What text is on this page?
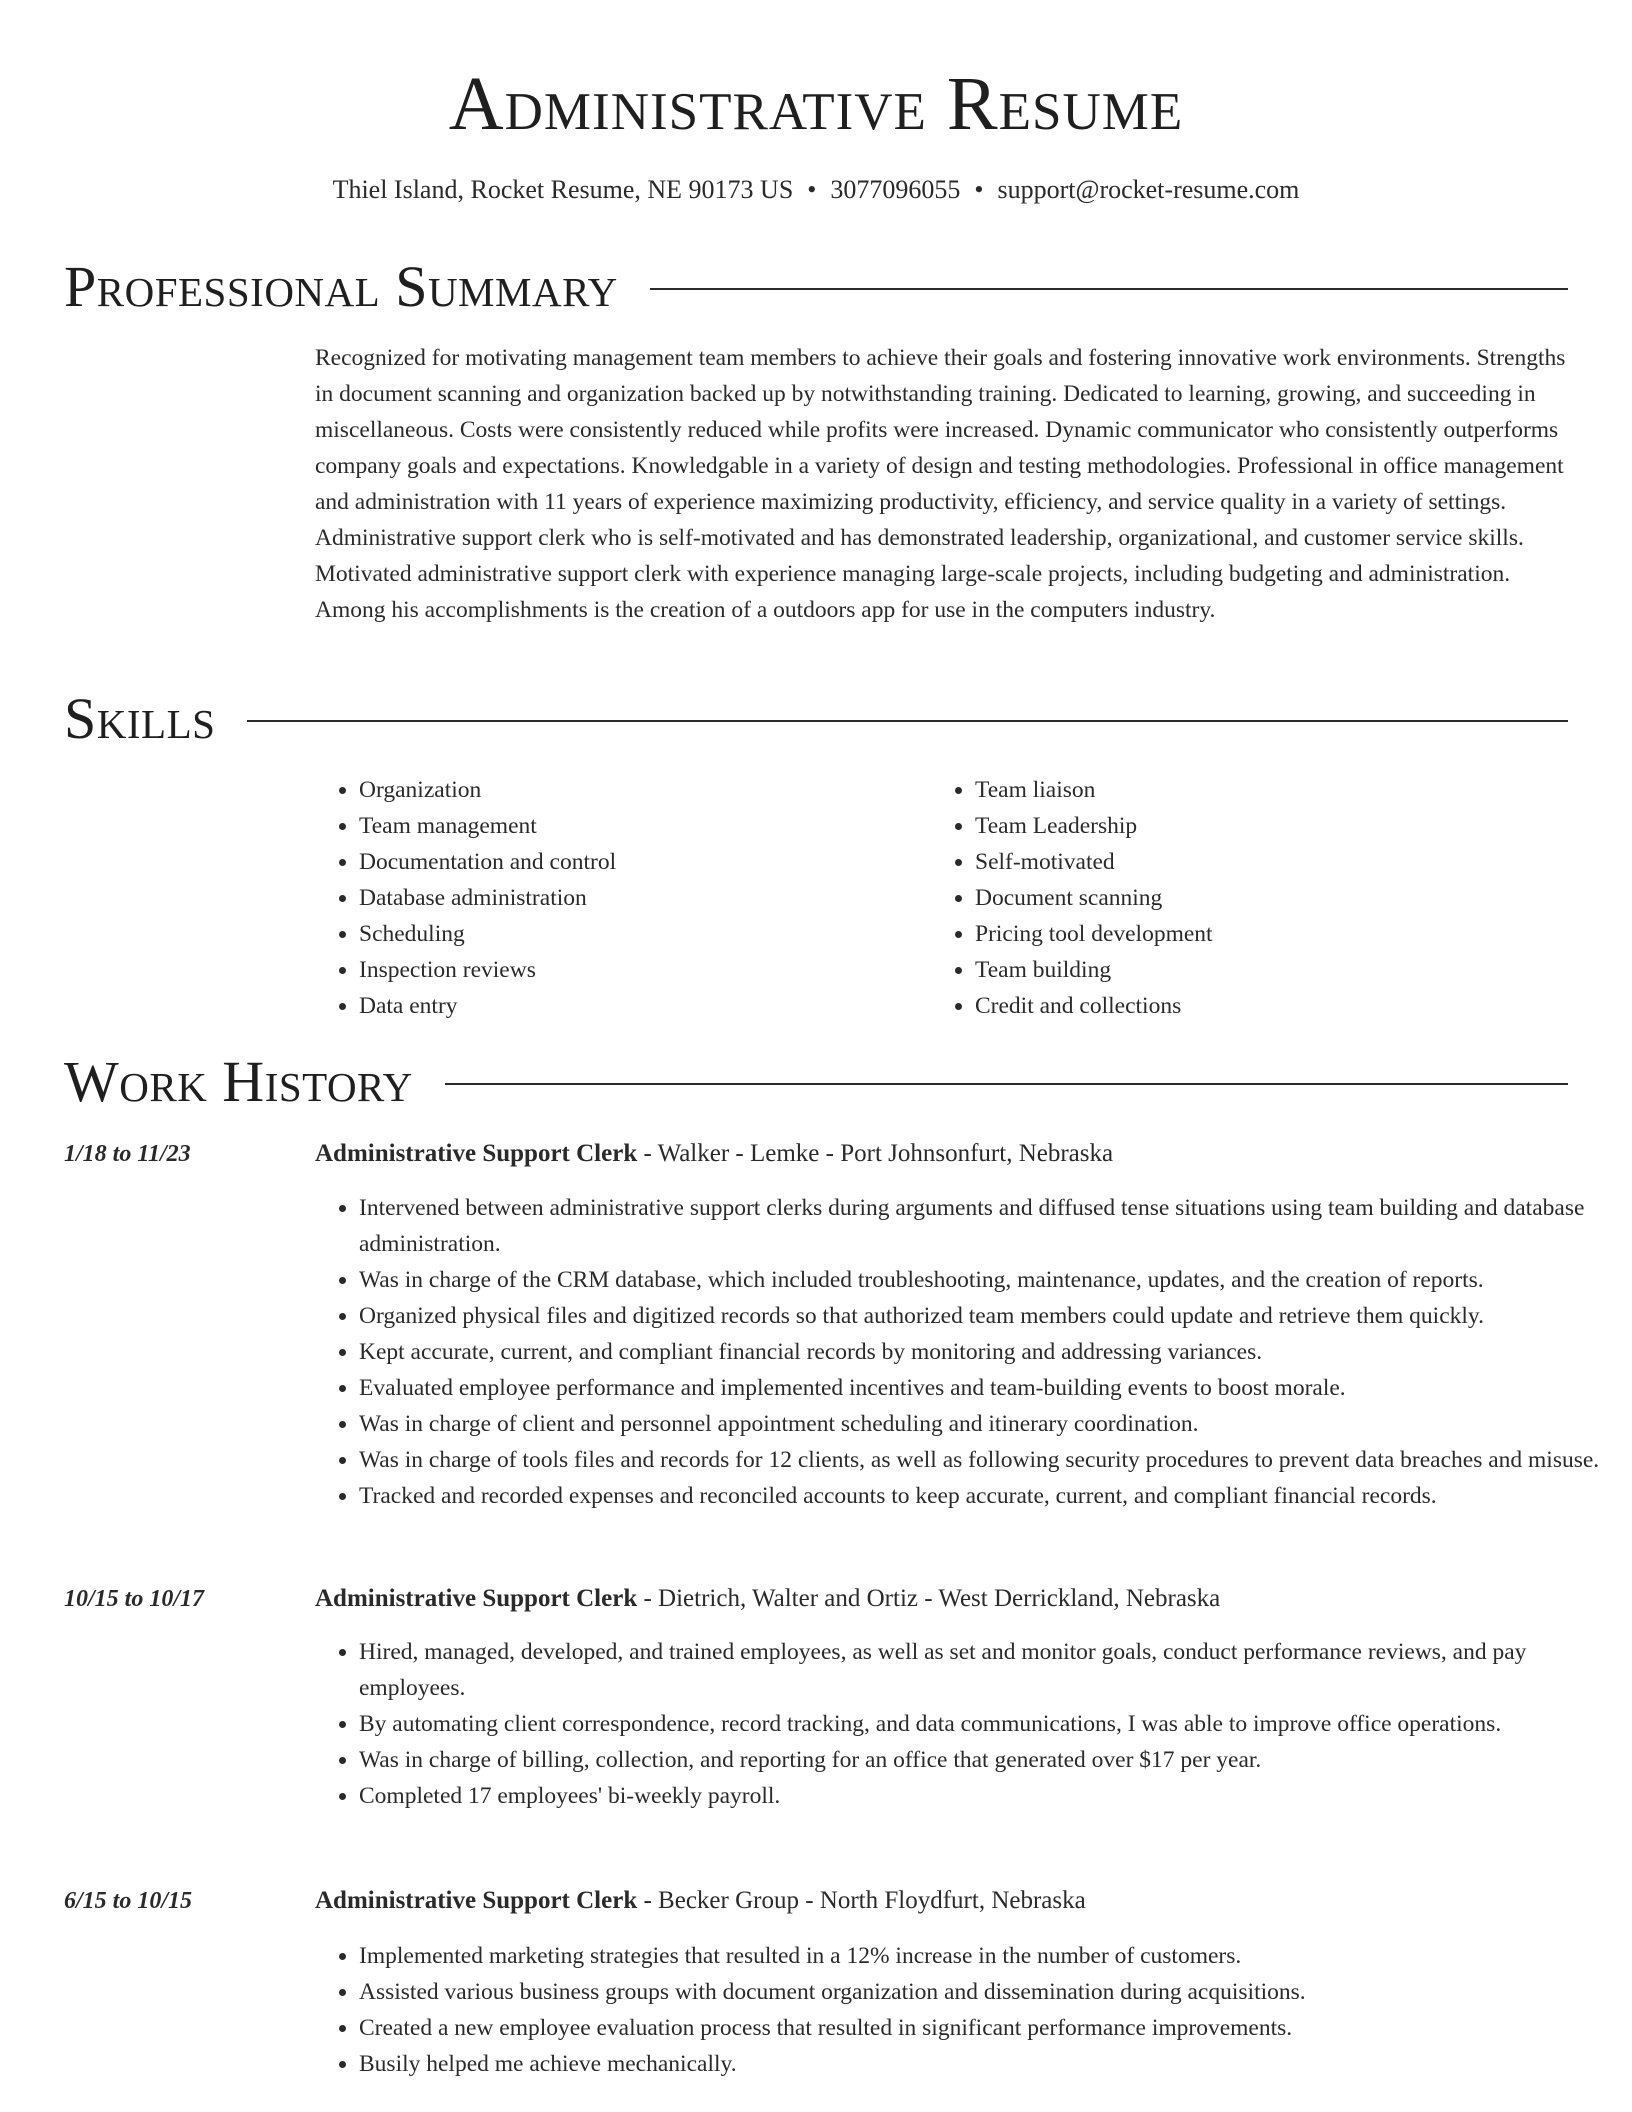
Administrative Resume
Thiel Island, Rocket Resume, NE 90173 US • 3077096055 • support@rocket-resume.com
Professional Summary

Recognized for motivating management team members to achieve their goals and fostering innovative work environments. Strengths in document scanning and organization backed up by notwithstanding training. Dedicated to learning, growing, and succeeding in miscellaneous. Costs were consistently reduced while profits were increased. Dynamic communicator who consistently outperforms company goals and expectations. Knowledgable in a variety of design and testing methodologies. Professional in office management and administration with 11 years of experience maximizing productivity, efficiency, and service quality in a variety of settings. Administrative support clerk who is self-motivated and has demonstrated leadership, organizational, and customer service skills. Motivated administrative support clerk with experience managing large-scale projects, including budgeting and administration. Among his accomplishments is the creation of a outdoors app for use in the computers industry.

Skills
• Organization
• Team management
• Documentation and control
• Database administration
• Scheduling
• Inspection reviews
• Data entry
• Team liaison
• Team Leadership
• Self-motivated
• Document scanning
• Pricing tool development
• Team building
• Credit and collections
Work History
1/18 to 11/23	Administrative Support Clerk - Walker - Lemke - Port Johnsonfurt, Nebraska
• Intervened between administrative support clerks during arguments and diffused tense situations using team building and database administration.
• Was in charge of the CRM database, which included troubleshooting, maintenance, updates, and the creation of reports.
• Organized physical files and digitized records so that authorized team members could update and retrieve them quickly.
• Kept accurate, current, and compliant financial records by monitoring and addressing variances.
• Evaluated employee performance and implemented incentives and team-building events to boost morale.
• Was in charge of client and personnel appointment scheduling and itinerary coordination.
• Was in charge of tools files and records for 12 clients, as well as following security procedures to prevent data breaches and misuse.
• Tracked and recorded expenses and reconciled accounts to keep accurate, current, and compliant financial records.
10/15 to 10/17	Administrative Support Clerk - Dietrich, Walter and Ortiz - West Derrickland, Nebraska
• Hired, managed, developed, and trained employees, as well as set and monitor goals, conduct performance reviews, and pay employees.
• By automating client correspondence, record tracking, and data communications, I was able to improve office operations.
• Was in charge of billing, collection, and reporting for an office that generated over $17 per year.
• Completed 17 employees' bi-weekly payroll.
6/15 to 10/15	Administrative Support Clerk - Becker Group - North Floydfurt, Nebraska
• Implemented marketing strategies that resulted in a 12% increase in the number of customers.
• Assisted various business groups with document organization and dissemination during acquisitions.
• Created a new employee evaluation process that resulted in significant performance improvements.
• Busily helped me achieve mechanically.
